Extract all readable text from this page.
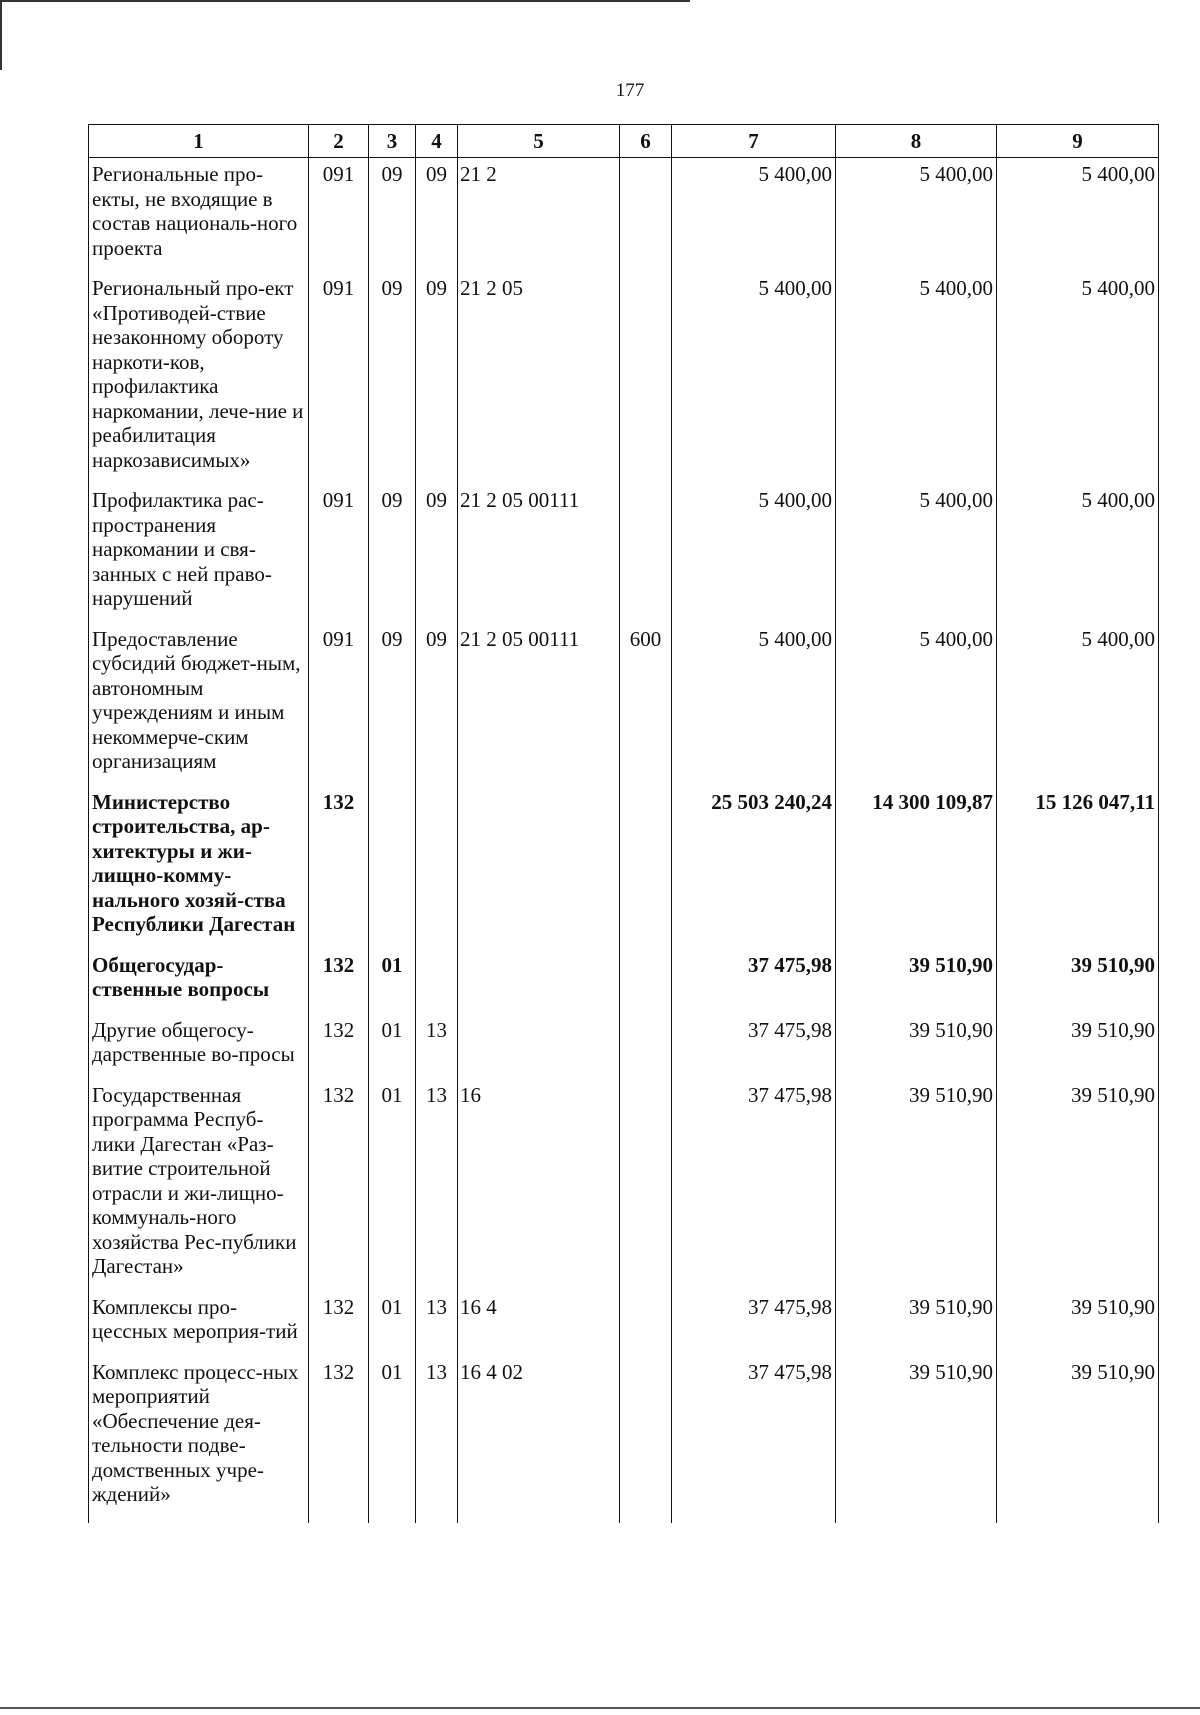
177
1	2	3	4	5	6	7	8	9
Региональные про-екты, не входящие в состав националь-ного проекта	091	09	09	21 2		5 400,00	5 400,00	5 400,00
Региональный про-ект «Противодей-ствие незаконному обороту наркоти-ков, профилактика наркомании, лече-ние и реабилитация наркозависимых»	091	09	09	21 2 05		5 400,00	5 400,00	5 400,00
Профилактика рас-пространения наркомании и свя-занных с ней право-нарушений	091	09	09	21 2 05 00111		5 400,00	5 400,00	5 400,00
Предоставление субсидий бюджет-ным, автономным учреждениям и иным некоммерче-ским организациям	091	09	09	21 2 05 00111	600	5 400,00	5 400,00	5 400,00
Министерство строительства, ар-хитектуры и жи-лищно-комму-нального хозяй-ства Республики Дагестан	132					25 503 240,24	14 300 109,87	15 126 047,11
Общегосудар-ственные вопросы	132	01				37 475,98	39 510,90	39 510,90
Другие общегосу-дарственные во-просы	132	01	13			37 475,98	39 510,90	39 510,90
Государственная программа Респуб-лики Дагестан «Раз-витие строительной отрасли и жи-лищно-коммуналь-ного хозяйства Рес-публики Дагестан»	132	01	13	16		37 475,98	39 510,90	39 510,90
Комплексы про-цессных мероприя-тий	132	01	13	16 4		37 475,98	39 510,90	39 510,90
Комплекс процесс-ных мероприятий «Обеспечение дея-тельности подве-домственных учре-ждений»	132	01	13	16 4 02		37 475,98	39 510,90	39 510,90
